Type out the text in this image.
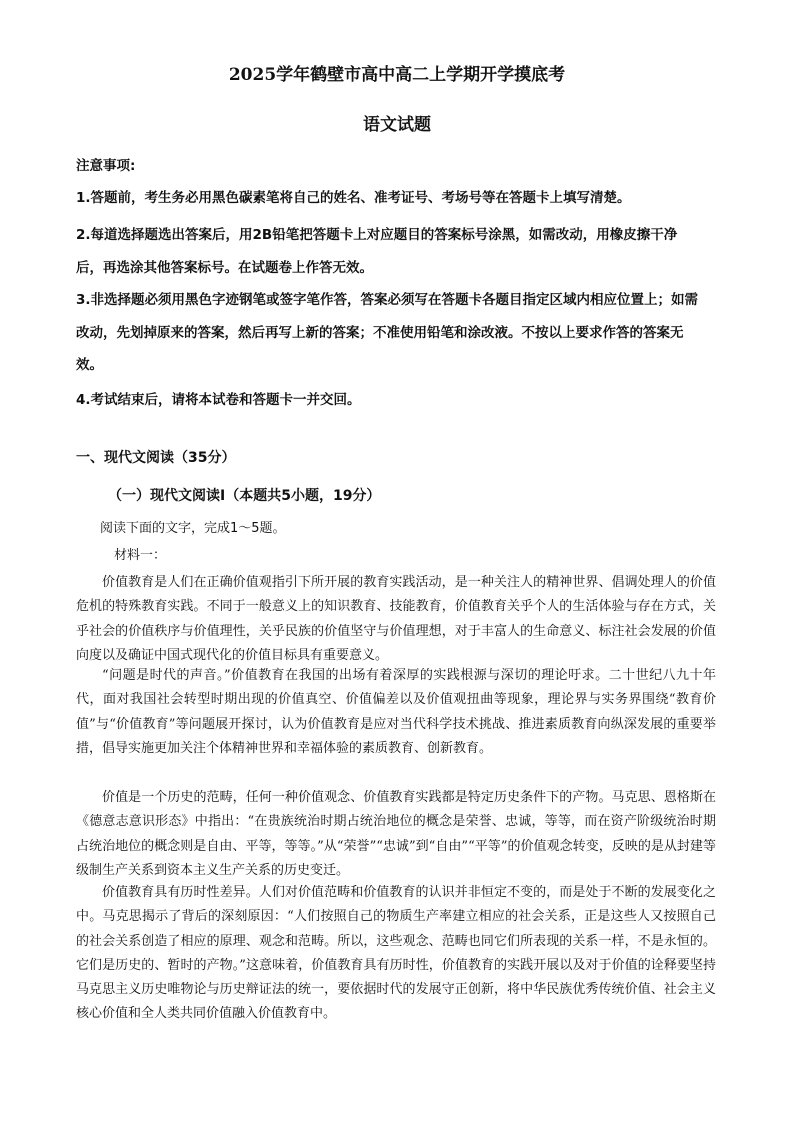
2025学年鹤壁市高中高二上学期开学摸底考
语文试题
注意事项:
1.答题前，考生务必用黑色碳素笔将自己的姓名、准考证号、考场号等在答题卡上填写清楚。
2.每道选择题选出答案后，用2B铅笔把答题卡上对应题目的答案标号涂黑，如需改动，用橡皮擦干净
后，再选涂其他答案标号。在试题卷上作答无效。
3.非选择题必须用黑色字迹钢笔或签字笔作答，答案必须写在答题卡各题目指定区域内相应位置上；如需
改动，先划掉原来的答案，然后再写上新的答案；不准使用铅笔和涂改液。不按以上要求作答的答案无
效。
4.考试结束后，请将本试卷和答题卡一并交回。
一、现代文阅读（35分）
（一）现代文阅读Ⅰ（本题共5小题，19分）
阅读下面的文字，完成1～5题。
材料一：

价值教育是人们在正确价值观指引下所开展的教育实践活动，是一种关注人的精神世界、倡调处理人的价值危机的特殊教育实践。不同于一般意义上的知识教育、技能教育，价值教育关乎个人的生活体验与存在方式，关乎社会的价值秩序与价值理性，关乎民族的价值坚守与价值理想，对于丰富人的生命意义、标注社会发展的价值向度以及确证中国式现代化的价值目标具有重要意义。

“问题是时代的声音。”价值教育在我国的出场有着深厚的实践根源与深切的理论吁求。二十世纪八九十年代，面对我国社会转型时期出现的价值真空、价值偏差以及价值观扭曲等现象，理论界与实务界围绕“教育价值”与“价值教育”等问题展开探讨，认为价值教育是应对当代科学技术挑战、推进素质教育向纵深发展的重要举措，倡导实施更加关注个体精神世界和幸福体验的素质教育、创新教育。

价值是一个历史的范畴，任何一种价值观念、价值教育实践都是特定历史条件下的产物。马克思、恩格斯在《德意志意识形态》中指出：“在贵族统治时期占统治地位的概念是荣誉、忠诚，等等，而在资产阶级统治时期占统治地位的概念则是自由、平等，等等。”从“荣誉”“忠诚”到“自由”“平等”的价值观念转变，反映的是从封建等级制生产关系到资本主义生产关系的历史变迁。

价值教育具有历时性差异。人们对价值范畴和价值教育的认识并非恒定不变的，而是处于不断的发展变化之中。马克思揭示了背后的深刻原因：“人们按照自己的物质生产率建立相应的社会关系，正是这些人又按照自己的社会关系创造了相应的原理、观念和范畴。所以，这些观念、范畴也同它们所表现的关系一样，不是永恒的。它们是历史的、暂时的产物。”这意味着，价值教育具有历时性，价值教育的实践开展以及对于价值的诠释要坚持马克思主义历史唯物论与历史辩证法的统一，要依据时代的发展守正创新，将中华民族优秀传统价值、社会主义核心价值和全人类共同价值融入价值教育中。
